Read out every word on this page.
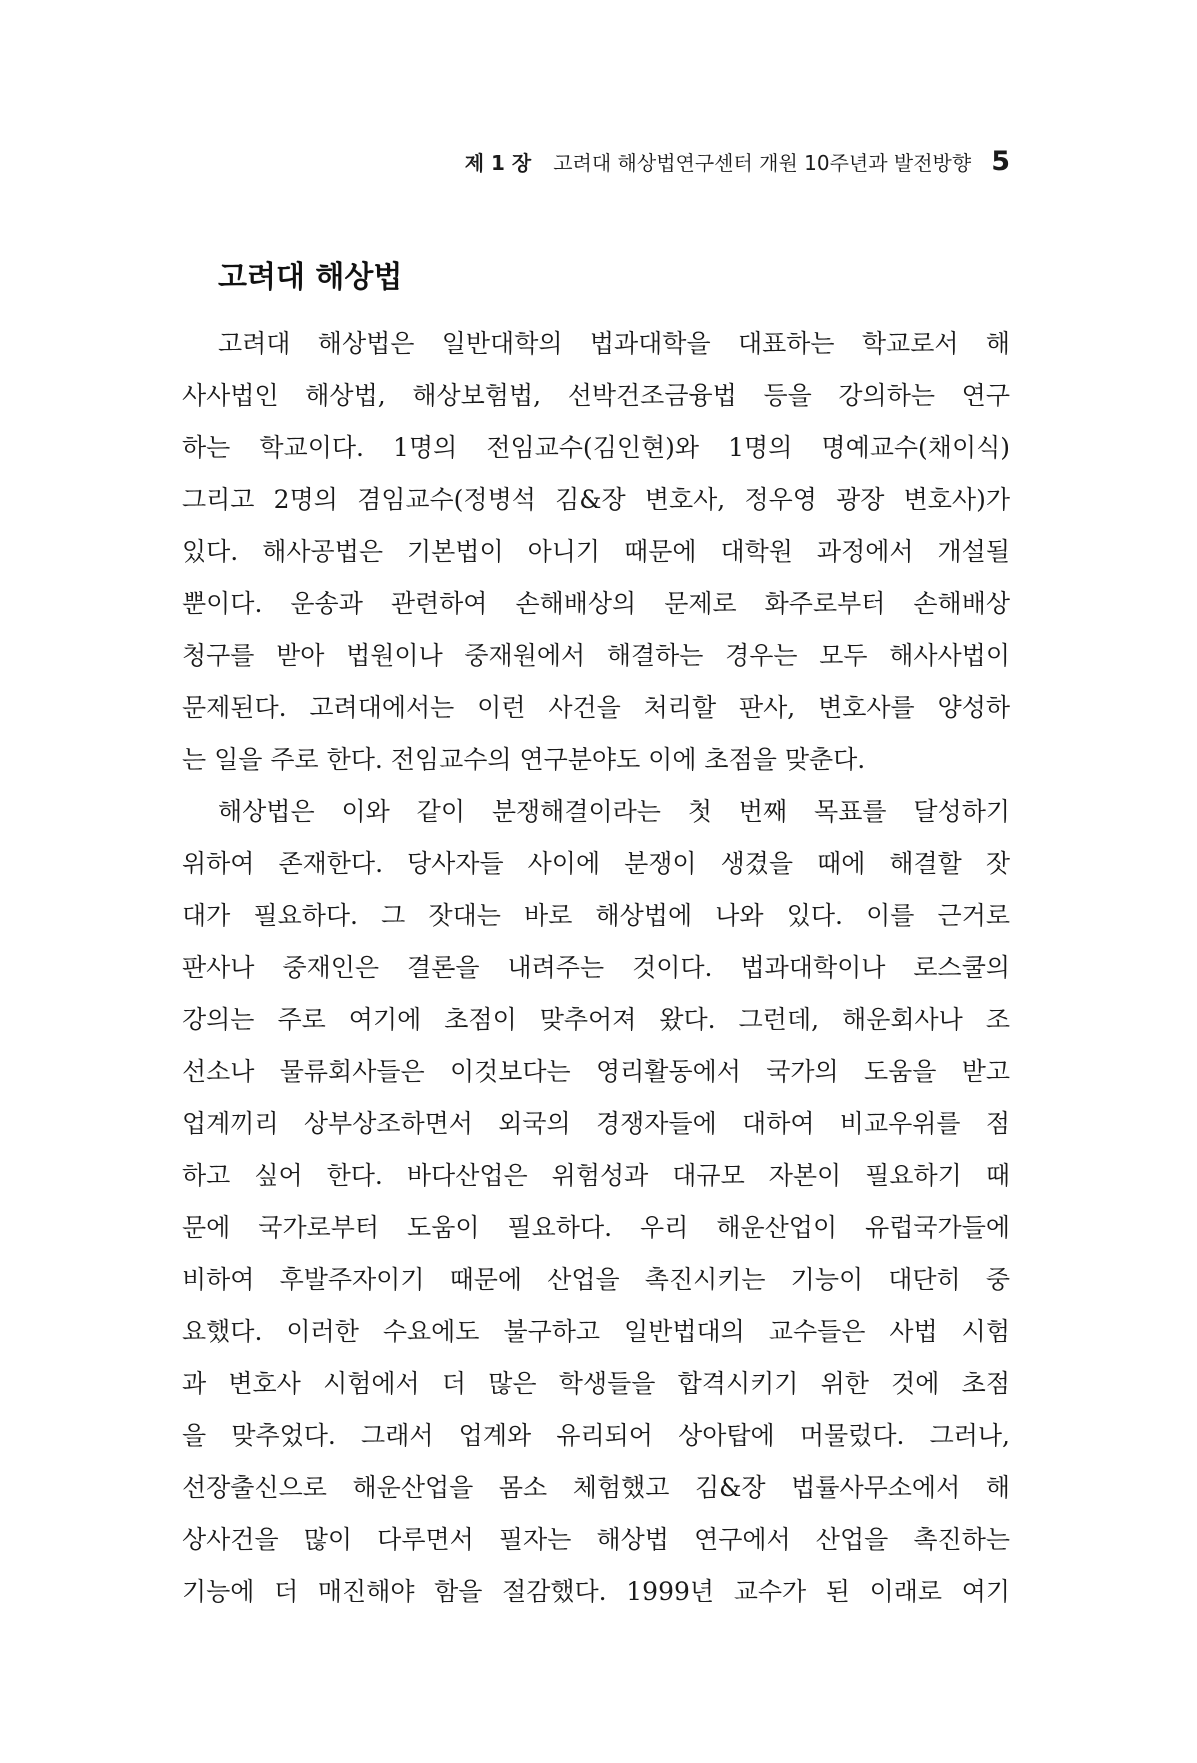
제 1 장 고려대 해상법연구센터 개원 10주년과 발전방향 5
고려대 해상법
고려대 해상법은 일반대학의 법과대학을 대표하는 학교로서 해
사사법인 해상법, 해상보험법, 선박건조금융법 등을 강의하는 연구
하는 학교이다. 1명의 전임교수(김인현)와 1명의 명예교수(채이식)
그리고 2명의 겸임교수(정병석 김&장 변호사, 정우영 광장 변호사)가
있다. 해사공법은 기본법이 아니기 때문에 대학원 과정에서 개설될
뿐이다. 운송과 관련하여 손해배상의 문제로 화주로부터 손해배상
청구를 받아 법원이나 중재원에서 해결하는 경우는 모두 해사사법이
문제된다. 고려대에서는 이런 사건을 처리할 판사, 변호사를 양성하
는 일을 주로 한다. 전임교수의 연구분야도 이에 초점을 맞춘다.
해상법은 이와 같이 분쟁해결이라는 첫 번째 목표를 달성하기
위하여 존재한다. 당사자들 사이에 분쟁이 생겼을 때에 해결할 잣
대가 필요하다. 그 잣대는 바로 해상법에 나와 있다. 이를 근거로
판사나 중재인은 결론을 내려주는 것이다. 법과대학이나 로스쿨의
강의는 주로 여기에 초점이 맞추어져 왔다. 그런데, 해운회사나 조
선소나 물류회사들은 이것보다는 영리활동에서 국가의 도움을 받고
업계끼리 상부상조하면서 외국의 경쟁자들에 대하여 비교우위를 점
하고 싶어 한다. 바다산업은 위험성과 대규모 자본이 필요하기 때
문에 국가로부터 도움이 필요하다. 우리 해운산업이 유럽국가들에
비하여 후발주자이기 때문에 산업을 촉진시키는 기능이 대단히 중
요했다. 이러한 수요에도 불구하고 일반법대의 교수들은 사법 시험
과 변호사 시험에서 더 많은 학생들을 합격시키기 위한 것에 초점
을 맞추었다. 그래서 업계와 유리되어 상아탑에 머물렀다. 그러나,
선장출신으로 해운산업을 몸소 체험했고 김&장 법률사무소에서 해
상사건을 많이 다루면서 필자는 해상법 연구에서 산업을 촉진하는
기능에 더 매진해야 함을 절감했다. 1999년 교수가 된 이래로 여기
